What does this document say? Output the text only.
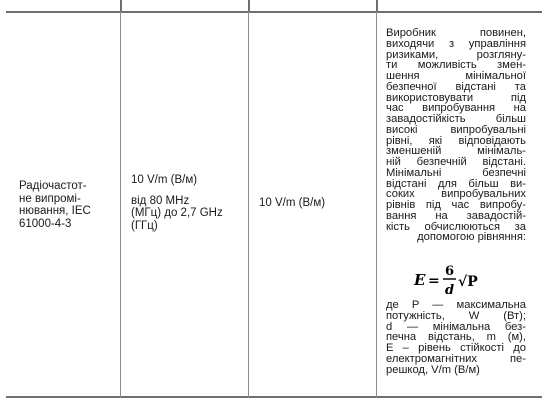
Радіочастот-
не випромі-
нювання, IEC
61000-4-3
10 V/m (В/м)
від 80 MHz
(МГц) до 2,7 GHz
(ГГц)
10 V/m (В/м)
Виробник повинен,
виходячи з управління
ризиками, розгляну-
ти можливість змен-
шення мінімальної
безпечної відстані та
використовувати під
час випробування на
завадостійкість більш
високі випробувальні
рівні, які відповідають
зменшеній мінімаль-
ній безпечній відстані.
Мінімальні безпечні
відстані для більш ви-
соких випробувальних
рівнів під час випробу-
вання на завадостій-
кість обчислюються за
допомогою рівняння:
E =
6
d
√P
де P — максимальна
потужність, W (Вт);
d — мінімальна без-
печна відстань, m (м),
E – рівень стійкості до
електромагнітних пе-
решкод, V/m (В/м)
